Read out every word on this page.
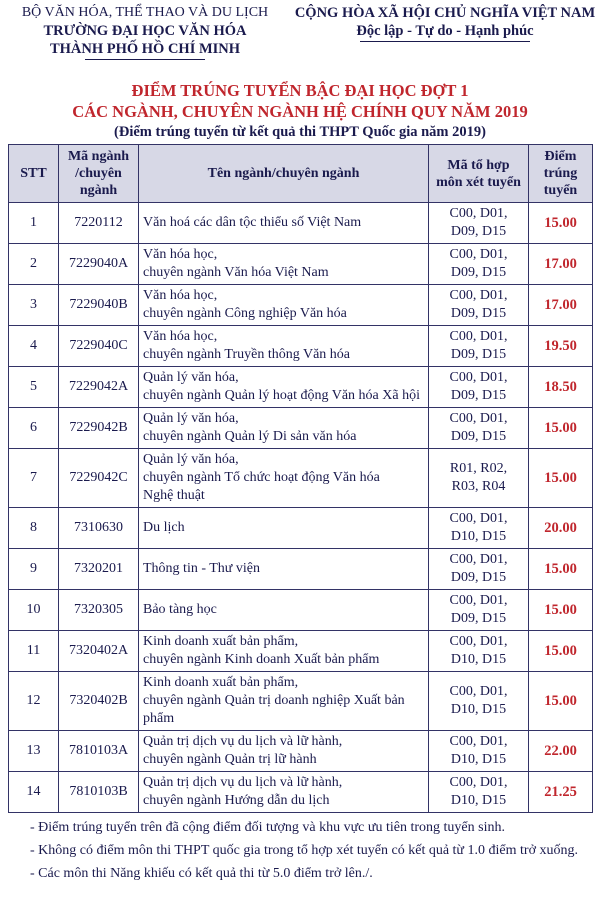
BỘ VĂN HÓA, THỂ THAO VÀ DU LỊCH
TRƯỜNG ĐẠI HỌC VĂN HÓA
THÀNH PHỐ HỒ CHÍ MINH
CỘNG HÒA XÃ HỘI CHỦ NGHĨA VIỆT NAM
Độc lập - Tự do - Hạnh phúc
ĐIỂM TRÚNG TUYỂN BẬC ĐẠI HỌC ĐỢT 1
CÁC NGÀNH, CHUYÊN NGÀNH HỆ CHÍNH QUY NĂM 2019
(Điểm trúng tuyển từ kết quả thi THPT Quốc gia năm 2019)
STT	Mã ngành
/chuyên
ngành	Tên ngành/chuyên ngành	Mã tổ hợp
môn xét tuyển	Điểm
trúng
tuyển
1	7220112	Văn hoá các dân tộc thiểu số Việt Nam	C00, D01,
D09, D15	15.00
2	7229040A	Văn hóa học,
chuyên ngành Văn hóa Việt Nam	C00, D01,
D09, D15	17.00
3	7229040B	Văn hóa học,
chuyên ngành Công nghiệp Văn hóa	C00, D01,
D09, D15	17.00
4	7229040C	Văn hóa học,
chuyên ngành Truyền thông Văn hóa	C00, D01,
D09, D15	19.50
5	7229042A	Quản lý văn hóa,
chuyên ngành Quản lý hoạt động Văn hóa Xã hội	C00, D01,
D09, D15	18.50
6	7229042B	Quản lý văn hóa,
chuyên ngành Quản lý Di sản văn hóa	C00, D01,
D09, D15	15.00
7	7229042C	Quản lý văn hóa,
chuyên ngành Tổ chức hoạt động Văn hóa
Nghệ thuật	R01, R02,
R03, R04	15.00
8	7310630	Du lịch	C00, D01,
D10, D15	20.00
9	7320201	Thông tin - Thư viện	C00, D01,
D09, D15	15.00
10	7320305	Bảo tàng học	C00, D01,
D09, D15	15.00
11	7320402A	Kinh doanh xuất bản phẩm,
chuyên ngành Kinh doanh Xuất bản phẩm	C00, D01,
D10, D15	15.00
12	7320402B	Kinh doanh xuất bản phẩm,
chuyên ngành Quản trị doanh nghiệp Xuất bản
phẩm	C00, D01,
D10, D15	15.00
13	7810103A	Quản trị dịch vụ du lịch và lữ hành,
chuyên ngành Quản trị lữ hành	C00, D01,
D10, D15	22.00
14	7810103B	Quản trị dịch vụ du lịch và lữ hành,
chuyên ngành Hướng dẫn du lịch	C00, D01,
D10, D15	21.25
- Điểm trúng tuyển trên đã cộng điểm đối tượng và khu vực ưu tiên trong tuyển sinh.
- Không có điểm môn thi THPT quốc gia trong tổ hợp xét tuyển có kết quả từ 1.0 điểm trở xuống.
- Các môn thi Năng khiếu có kết quả thi từ 5.0 điểm trở lên./.
